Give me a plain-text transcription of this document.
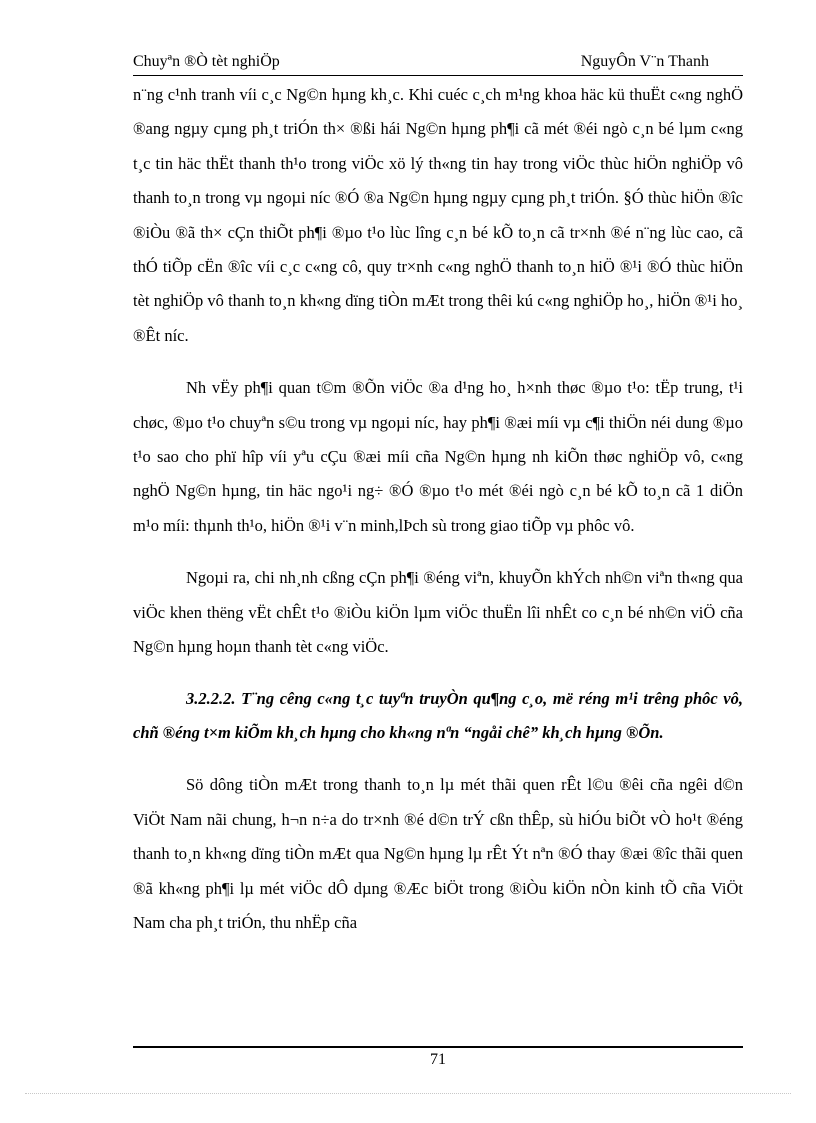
Chuyªn ®Ò tèt nghiÖp	NguyÔn V¨n Thanh

n¨ng c¹nh tranh víi c¸c Ng©n hµng kh¸c. Khi cuéc c¸ch m¹ng khoa häc kü thuËt c«ng nghÖ ®ang ngµy cµng ph¸t triÓn th× ®ßi hái Ng©n hµng ph¶i cã mét ®éi ngò c¸n bé lµm c«ng t¸c tin häc thËt thanh th¹o trong viÖc xö lý th«ng tin hay trong viÖc thùc hiÖn nghiÖp vô thanh to¸n trong vµ ngoµi níc ®Ó ®a Ng©n hµng ngµy cµng ph¸t triÓn. §Ó thùc hiÖn ®îc ®iÒu ®ã th× cÇn thiÕt ph¶i ®µo t¹o lùc lîng c¸n bé kÕ to¸n cã tr×nh ®é n¨ng lùc cao, cã thÓ tiÕp cËn ®îc víi c¸c c«ng cô, quy tr×nh c«ng nghÖ thanh to¸n hiÖ ®¹i ®Ó thùc hiÖn tèt nghiÖp vô thanh to¸n kh«ng dïng tiÒn mÆt trong thêi kú c«ng nghiÖp ho¸, hiÖn ®¹i ho¸ ®Êt níc.

Nh vËy ph¶i quan t©m ®Õn viÖc ®a d¹ng ho¸ h×nh thøc ®µo t¹o: tËp trung, t¹i chøc, ®µo t¹o chuyªn s©u trong vµ ngoµi níc, hay ph¶i ®æi míi vµ c¶i thiÖn néi dung ®µo t¹o sao cho phï hîp víi yªu cÇu ®æi míi cña Ng©n hµng nh kiÕn thøc nghiÖp vô, c«ng nghÖ Ng©n hµng, tin häc ngo¹i ng÷ ®Ó ®µo t¹o mét ®éi ngò c¸n bé kÕ to¸n cã 1 diÖn m¹o míi: thµnh th¹o, hiÖn ®¹i v¨n minh,lÞch sù trong giao tiÕp vµ phôc vô.

Ngoµi ra, chi nh¸nh cßng cÇn ph¶i ®éng viªn, khuyÕn khÝch nh©n viªn th«ng qua viÖc khen thëng vËt chÊt t¹o ®iÒu kiÖn lµm viÖc thuËn lîi nhÊt co c¸n bé nh©n viÖ cña Ng©n hµng hoµn thanh tèt c«ng viÖc.

3.2.2.2. T¨ng cêng c«ng t¸c tuyªn truyÒn qu¶ng c¸o, më réng m¹i trêng phôc vô, chñ ®éng t×m kiÕm kh¸ch hµng cho kh«ng nªn “ngåi chê” kh¸ch hµng ®Õn.

Sö dông tiÒn mÆt trong thanh to¸n lµ mét thãi quen rÊt l©u ®êi cña ngêi d©n ViÖt Nam nãi chung, h¬n n÷a do tr×nh ®é d©n trÝ cßn thÊp, sù hiÓu biÕt vÒ ho¹t ®éng thanh to¸n kh«ng dïng tiÒn mÆt qua Ng©n hµng lµ rÊt Ýt nªn ®Ó thay ®æi ®îc thãi quen ®ã kh«ng ph¶i lµ mét viÖc dÔ dµng ®Æc biÖt trong ®iÒu kiÖn nÒn kinh tÕ cña ViÖt Nam cha ph¸t triÓn, thu nhËp cña

71
